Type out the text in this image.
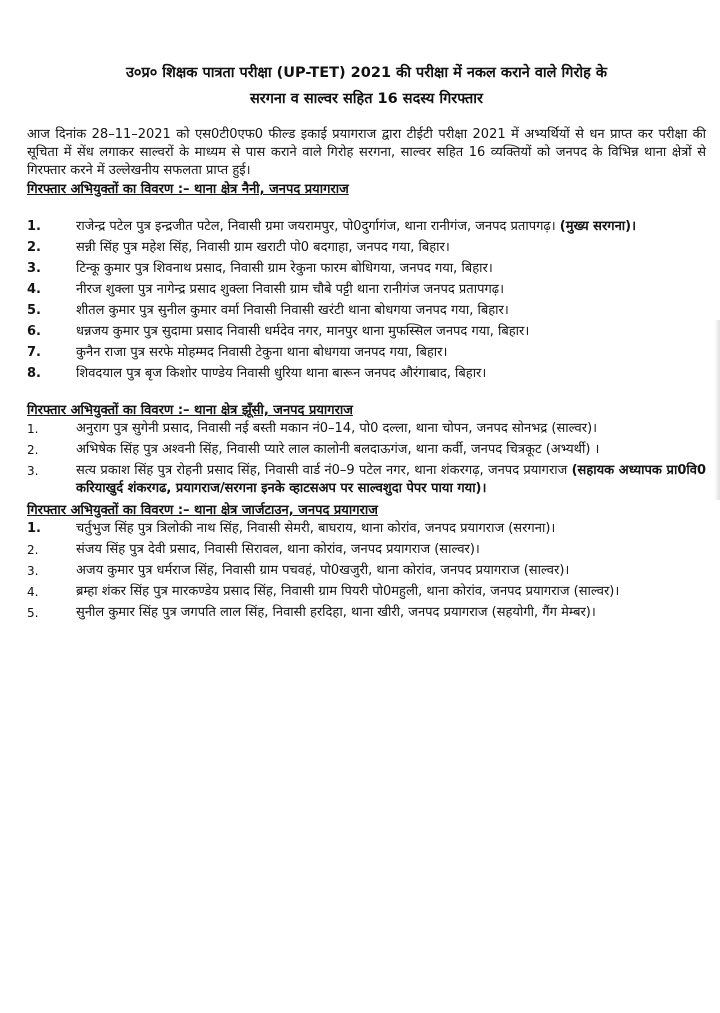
उ०प्र० शिक्षक पात्रता परीक्षा (UP-TET) 2021 की परीक्षा में नकल कराने वाले गिरोह के
सरगना व साल्वर सहित 16 सदस्य गिरफ्तार

आज दिनांक 28–11–2021 को एस0टी0एफ0 फील्ड इकाई प्रयागराज द्वारा टीईटी परीक्षा 2021 में अभ्यर्थियों से धन प्राप्त कर परीक्षा की सूचिता में सेंध लगाकर साल्वरों के माध्यम से पास कराने वाले गिरोह सरगना, साल्वर सहित 16 व्यक्तियों को जनपद के विभिन्न थाना क्षेत्रों से गिरफ्तार करने में उल्लेखनीय सफलता प्राप्त हुई।

गिरफ्तार अभियुक्तों का विवरण :– थाना क्षेत्र नैनी, जनपद प्रयागराज
1.	राजेन्द्र पटेल पुत्र इन्द्रजीत पटेल, निवासी ग्रमा जयरामपुर, पो0दुर्गागंज, थाना रानीगंज, जनपद प्रतापगढ़। (मुख्य सरगना)।
2.	सन्नी सिंह पुत्र महेश सिंह, निवासी ग्राम खराटी पो0 बदगाहा, जनपद गया, बिहार।
3.	टिन्कू कुमार पुत्र शिवनाथ प्रसाद, निवासी ग्राम रेकुना फारम बोधिगया, जनपद गया, बिहार।
4.	नीरज शुक्ला पुत्र नागेन्द्र प्रसाद शुक्ला निवासी ग्राम चौबे पट्टी थाना रानीगंज जनपद प्रतापगढ़।
5.	शीतल कुमार पुत्र सुनील कुमार वर्मा निवासी निवासी खरंटी थाना बोधगया जनपद गया, बिहार।
6.	धन्नजय कुमार पुत्र सुदामा प्रसाद निवासी धर्मदेव नगर, मानपुर थाना मुफस्सिल जनपद गया, बिहार।
7.	कुनैन राजा पुत्र सरफे मोहम्मद निवासी टेकुना थाना बोधगया जनपद गया, बिहार।
8.	शिवदयाल पुत्र बृज किशोर पाण्डेय निवासी धुरिया थाना बारून जनपद औरंगाबाद, बिहार।
गिरफ्तार अभियुक्तों का विवरण :– थाना क्षेत्र झूँसी, जनपद प्रयागराज
1.	अनुराग पुत्र सुगेनी प्रसाद, निवासी नई बस्ती मकान नं0–14, पो0 दल्ला, थाना चोपन, जनपद सोनभद्र (साल्वर)।
2.	अभिषेक सिंह पुत्र अश्वनी सिंह, निवासी प्यारे लाल कालोनी बलदाऊगंज, थाना कर्वी, जनपद चित्रकूट (अभ्यर्थी) ।
3.	सत्य प्रकाश सिंह पुत्र रोहनी प्रसाद सिंह, निवासी वार्ड नं0–9 पटेल नगर, थाना शंकरगढ़, जनपद प्रयागराज (सहायक अध्यापक प्रा0वि0 करियाखुर्द शंकरगढ, प्रयागराज/सरगना इनके व्हाटसअप पर साल्वशुदा पेपर पाया गया)।
गिरफ्तार अभियुक्तों का विवरण :– थाना क्षेत्र जार्जटाउन, जनपद प्रयागराज
1.	चर्तुभुज सिंह पुत्र त्रिलोकी नाथ सिंह, निवासी सेमरी, बाघराय, थाना कोरांव, जनपद प्रयागराज (सरगना)।
2.	संजय सिंह पुत्र देवी प्रसाद, निवासी सिरावल, थाना कोरांव, जनपद प्रयागराज (साल्वर)।
3.	अजय कुमार पुत्र धर्मराज सिंह, निवासी ग्राम पचवहं, पो0खजुरी, थाना कोरांव, जनपद प्रयागराज (साल्वर)।
4.	ब्रम्हा शंकर सिंह पुत्र मारकण्डेय प्रसाद सिंह, निवासी ग्राम पियरी पो0महुली, थाना कोरांव, जनपद प्रयागराज (साल्वर)।
5.	सुनील कुमार सिंह पुत्र जगपति लाल सिंह, निवासी हरदिहा, थाना खीरी, जनपद प्रयागराज (सहयोगी, गैंग मेम्बर)।
